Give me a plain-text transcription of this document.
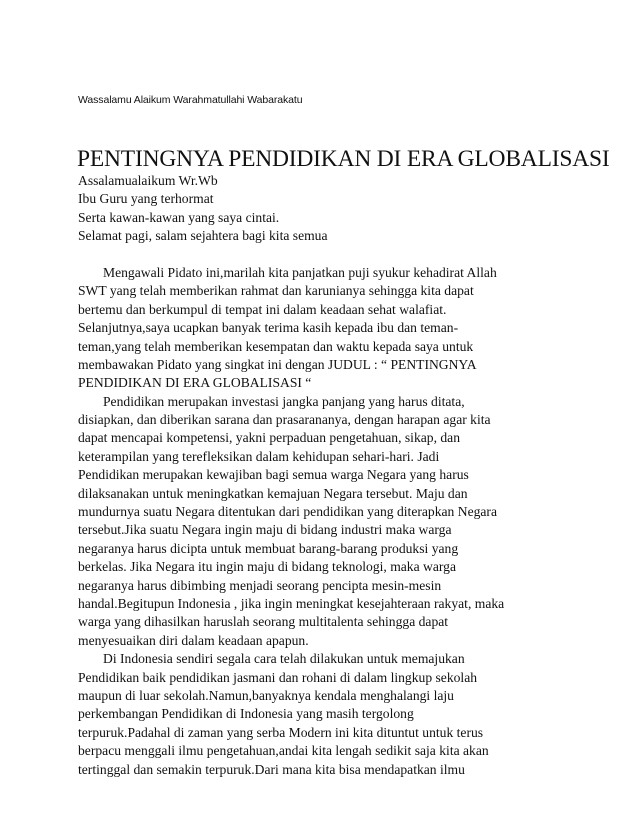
Wassalamu Alaikum Warahmatullahi Wabarakatu
PENTINGNYA PENDIDIKAN DI ERA GLOBALISASI
Assalamualaikum Wr.Wb
Ibu Guru yang terhormat
Serta kawan-kawan yang saya cintai.
Selamat pagi, salam sejahtera bagi kita semua
Mengawali Pidato ini,marilah kita panjatkan puji syukur kehadirat Allah
SWT yang telah memberikan rahmat dan karunianya sehingga kita dapat
bertemu dan berkumpul di tempat ini dalam keadaan sehat walafiat.
Selanjutnya,saya ucapkan banyak terima kasih kepada ibu dan teman-
teman,yang telah memberikan kesempatan dan waktu kepada saya untuk
membawakan Pidato yang singkat ini dengan JUDUL : “ PENTINGNYA
PENDIDIKAN DI ERA GLOBALISASI “
Pendidikan merupakan investasi jangka panjang yang harus ditata,
disiapkan, dan diberikan sarana dan prasarananya, dengan harapan agar kita
dapat mencapai kompetensi, yakni perpaduan pengetahuan, sikap, dan
keterampilan yang terefleksikan dalam kehidupan sehari-hari. Jadi
Pendidikan merupakan kewajiban bagi semua warga Negara yang harus
dilaksanakan untuk meningkatkan kemajuan Negara tersebut. Maju dan
mundurnya suatu Negara ditentukan dari pendidikan yang diterapkan Negara
tersebut.Jika suatu Negara ingin maju di bidang industri maka warga
negaranya harus dicipta untuk membuat barang-barang produksi yang
berkelas. Jika Negara itu ingin maju di bidang teknologi, maka warga
negaranya harus dibimbing menjadi seorang pencipta mesin-mesin
handal.Begitupun Indonesia , jika ingin meningkat kesejahteraan rakyat, maka
warga yang dihasilkan haruslah seorang multitalenta sehingga dapat
menyesuaikan diri dalam keadaan apapun.
Di Indonesia sendiri segala cara telah dilakukan untuk memajukan
Pendidikan baik pendidikan jasmani dan rohani di dalam lingkup sekolah
maupun di luar sekolah.Namun,banyaknya kendala menghalangi laju
perkembangan Pendidikan di Indonesia yang masih tergolong
terpuruk.Padahal di zaman yang serba Modern ini kita dituntut untuk terus
berpacu menggali ilmu pengetahuan,andai kita lengah sedikit saja kita akan
tertinggal dan semakin terpuruk.Dari mana kita bisa mendapatkan ilmu
